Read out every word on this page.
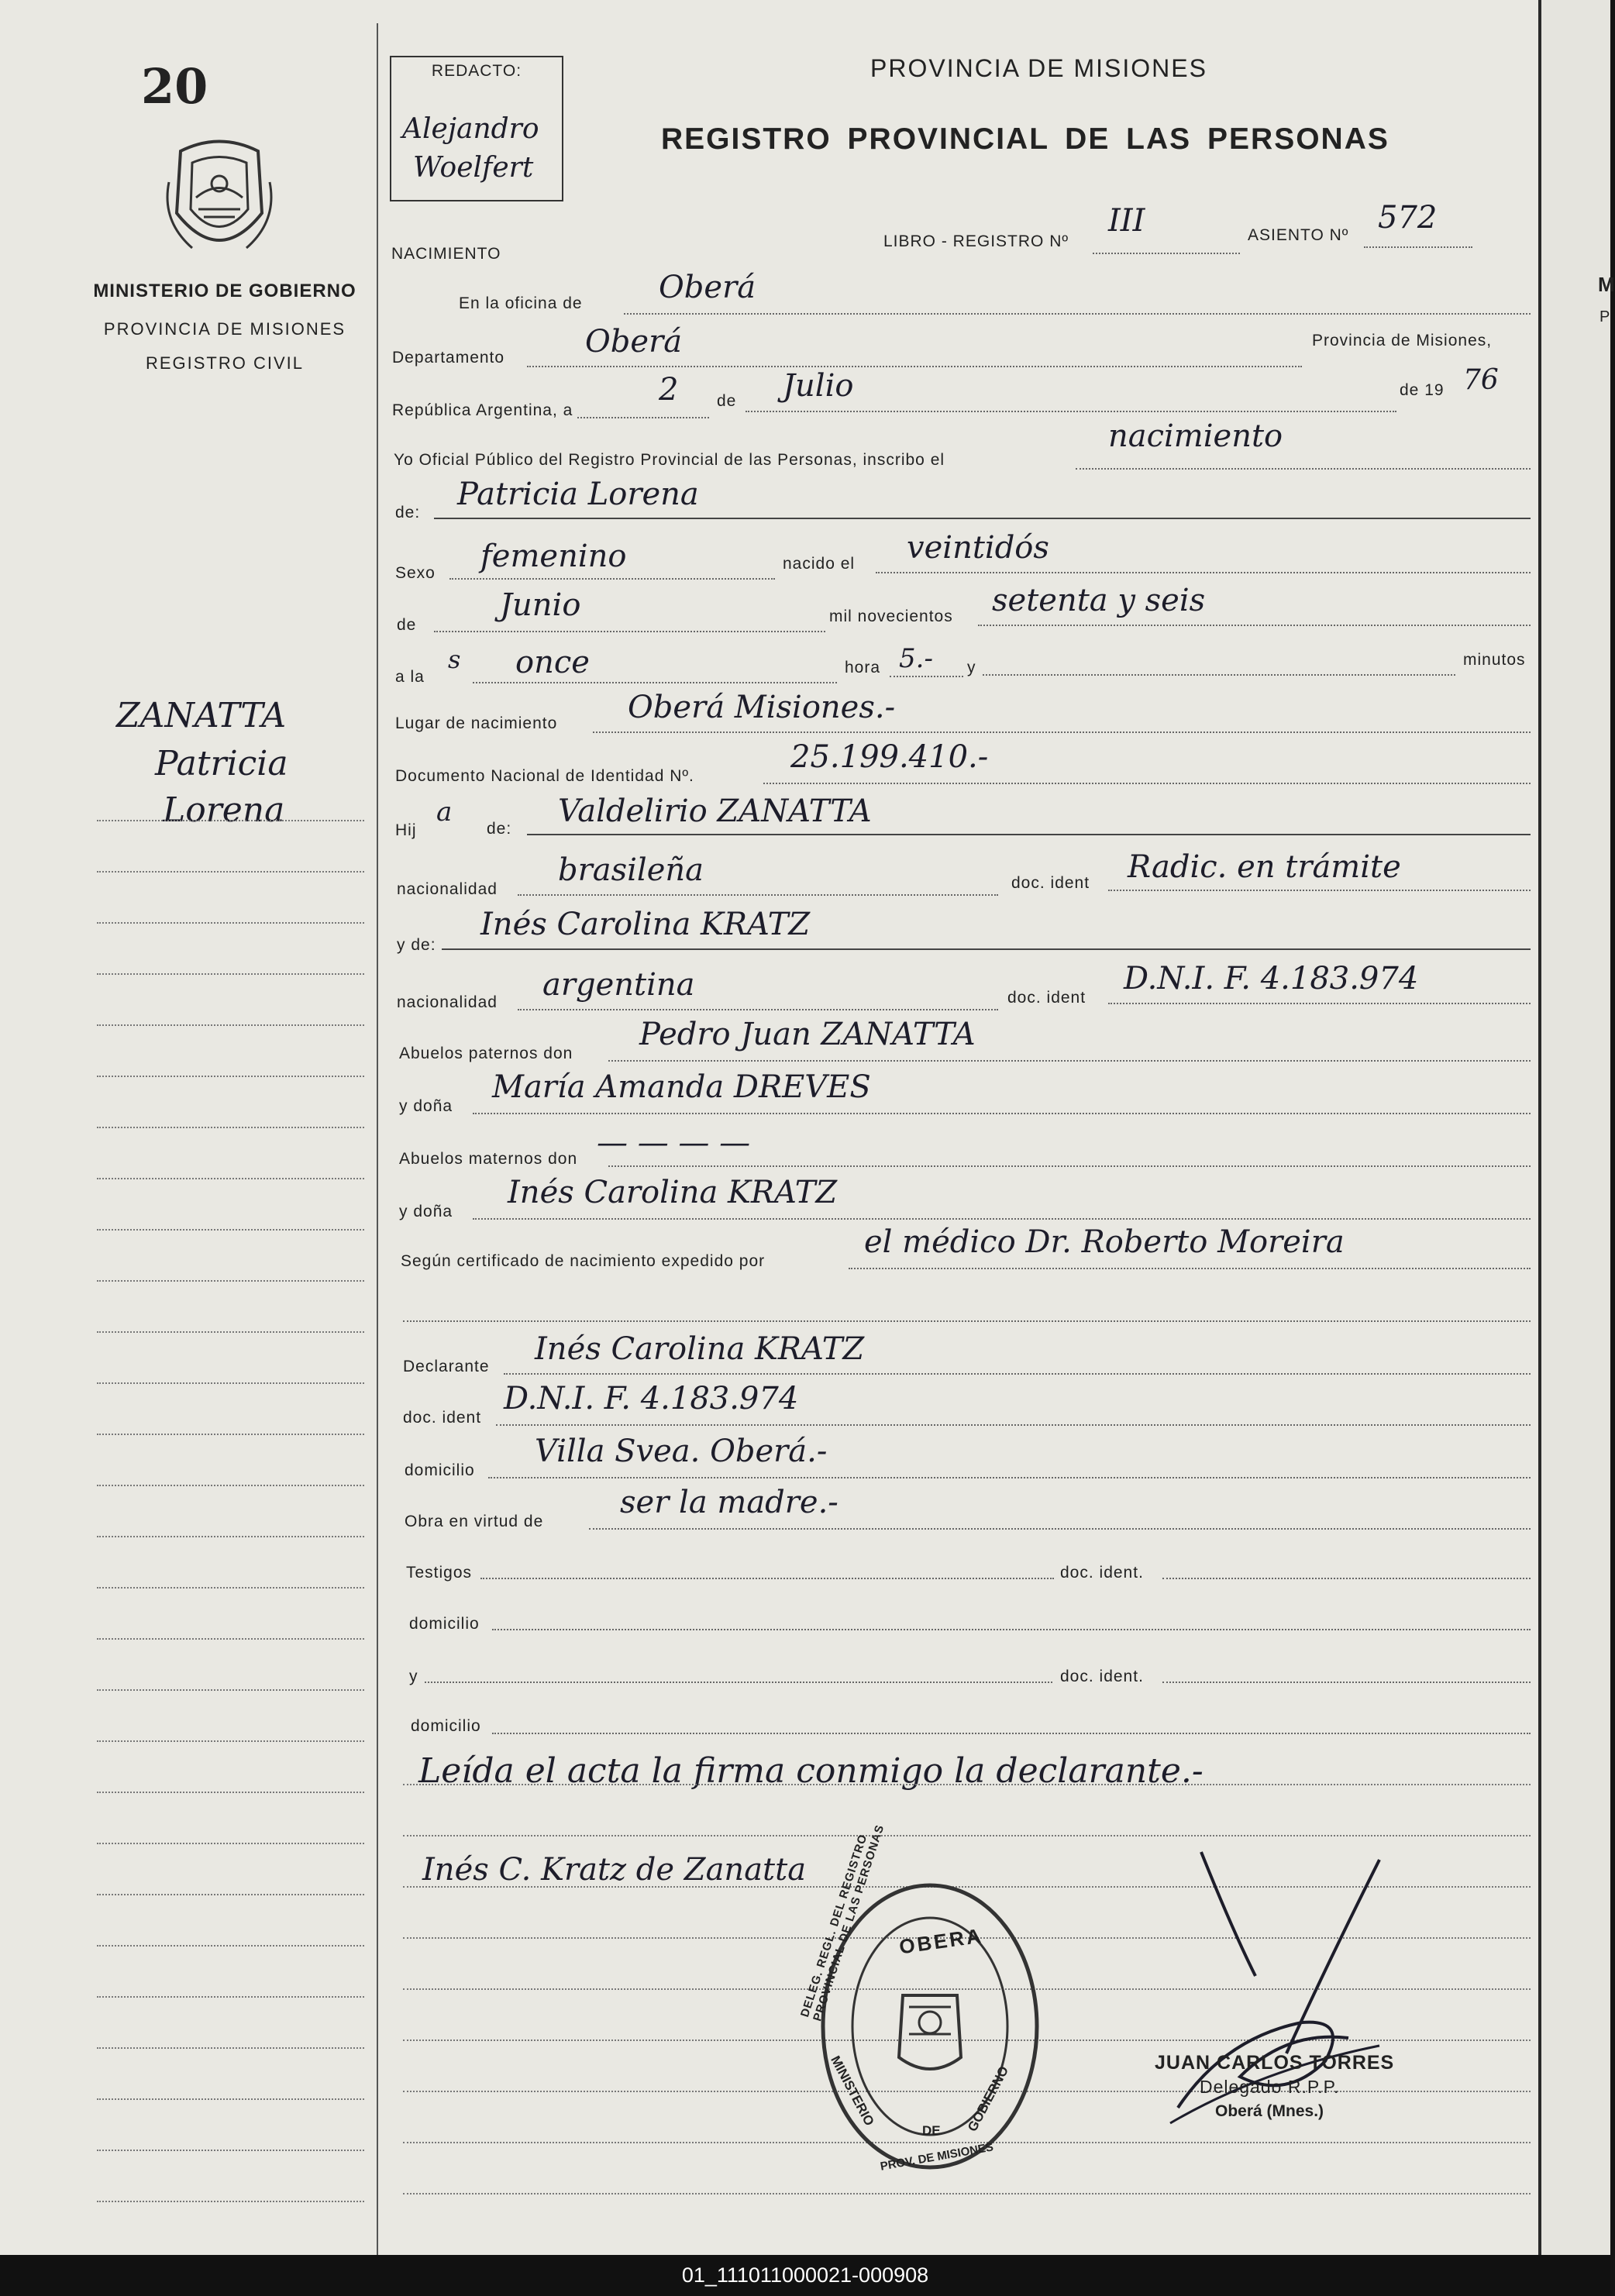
M
P
20
MINISTERIO DE GOBIERNO
PROVINCIA DE MISIONES
REGISTRO CIVIL
ZANATTA
Patricia
Lorena
REDACTO:
Alejandro
Woelfert
PROVINCIA DE MISIONES
REGISTRO PROVINCIAL DE LAS PERSONAS
NACIMIENTO
LIBRO - REGISTRO Nº
III	ASIENTO Nº 572
En la oficina de Oberá
Departamento	Oberá	Provincia de Misiones,
República Argentina, a
2 de Julio	de 19 76
Yo Oficial Público del Registro Provincial de las Personas, inscribo el
nacimiento
de:
Patricia Lorena
Sexo femenino	nacido el veintidós
de
Junio	mil novecientos setenta y seis
a la
s once	hora 5.- y	minutos
Lugar de nacimiento Oberá Misiones.-
Documento Nacional de Identidad Nº.
25.199.410.-
Hij
a
de: Valdelirio ZANATTA
nacionalidad
brasileña	doc. ident Radic. en trámite
y de:
Inés Carolina KRATZ
nacionalidad argentina	doc. ident
D.N.I. F. 4.183.974
Abuelos paternos don
Pedro Juan ZANATTA
y doña
María Amanda DREVES
Abuelos maternos don — — — —
y doña
Inés Carolina KRATZ
Según certificado de nacimiento expedido por
el médico Dr. Roberto Moreira
Declarante Inés Carolina KRATZ
doc. ident
D.N.I. F. 4.183.974
domicilio
Villa Svea. Oberá.-
Obra en virtud de
ser la madre.-
Testigos	doc. ident.
domicilio
y	doc. ident.
domicilio
Leída el acta la firma conmigo la declarante.-
Inés C. Kratz de Zanatta
OBERA
DELEG. REGL. DEL REGISTRO PROVINCIAL DE LAS PERSONAS
MINISTERIO
DE GOBIERNO
PROV. DE MISIONES
JUAN CARLOS TORRES
Delegado R.P.P.
Oberá (Mnes.)
01_111011000021-000908
